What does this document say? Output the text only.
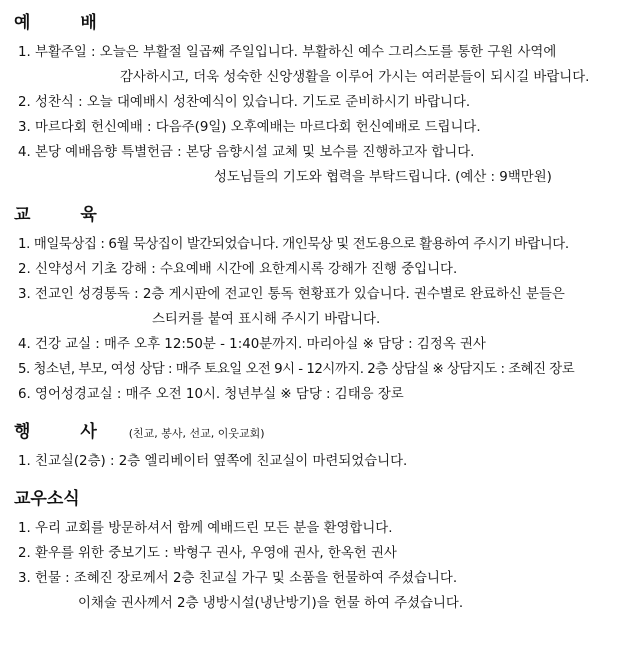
예 배
1. 부활주일 : 오늘은 부활절 일곱째 주일입니다. 부활하신 예수 그리스도를 통한 구원 사역에
감사하시고, 더욱 성숙한 신앙생활을 이루어 가시는 여러분들이 되시길 바랍니다.
2. 성찬식 : 오늘 대예배시 성찬예식이 있습니다. 기도로 준비하시기 바랍니다.
3. 마르다회 헌신예배 : 다음주(9일) 오후예배는 마르다회 헌신예배로 드립니다.
4. 본당 예배음향 특별헌금 : 본당 음향시설 교체 및 보수를 진행하고자 합니다.
성도님들의 기도와 협력을 부탁드립니다. (예산 : 9백만원)
교 육
1. 매일묵상집 : 6월 묵상집이 발간되었습니다. 개인묵상 및 전도용으로 활용하여 주시기 바랍니다.
2. 신약성서 기초 강해 : 수요예배 시간에 요한계시록 강해가 진행 중입니다.
3. 전교인 성경통독 : 2층 게시판에 전교인 통독 현황표가 있습니다. 권수별로 완료하신 분들은
스티커를 붙여 표시해 주시기 바랍니다.
4. 건강 교실 : 매주 오후 12:50분 - 1:40분까지. 마리아실 ※ 담당 : 김정옥 권사
5. 청소년, 부모, 여성 상담 : 매주 토요일 오전 9시 - 12시까지. 2층 상담실 ※ 상담지도 : 조혜진 장로
6. 영어성경교실 : 매주 오전 10시. 청년부실 ※ 담당 : 김태응 장로
행 사 (친교, 봉사, 선교, 이웃교회)
1. 친교실(2층) : 2층 엘리베이터 옆쪽에 친교실이 마련되었습니다.
교우소식
1. 우리 교회를 방문하셔서 함께 예배드린 모든 분을 환영합니다.
2. 환우를 위한 중보기도 : 박형구 권사, 우영애 권사, 한옥헌 권사
3. 헌물 : 조혜진 장로께서 2층 친교실 가구 및 소품을 헌물하여 주셨습니다.
이채술 권사께서 2층 냉방시설(냉난방기)을 헌물 하여 주셨습니다.
